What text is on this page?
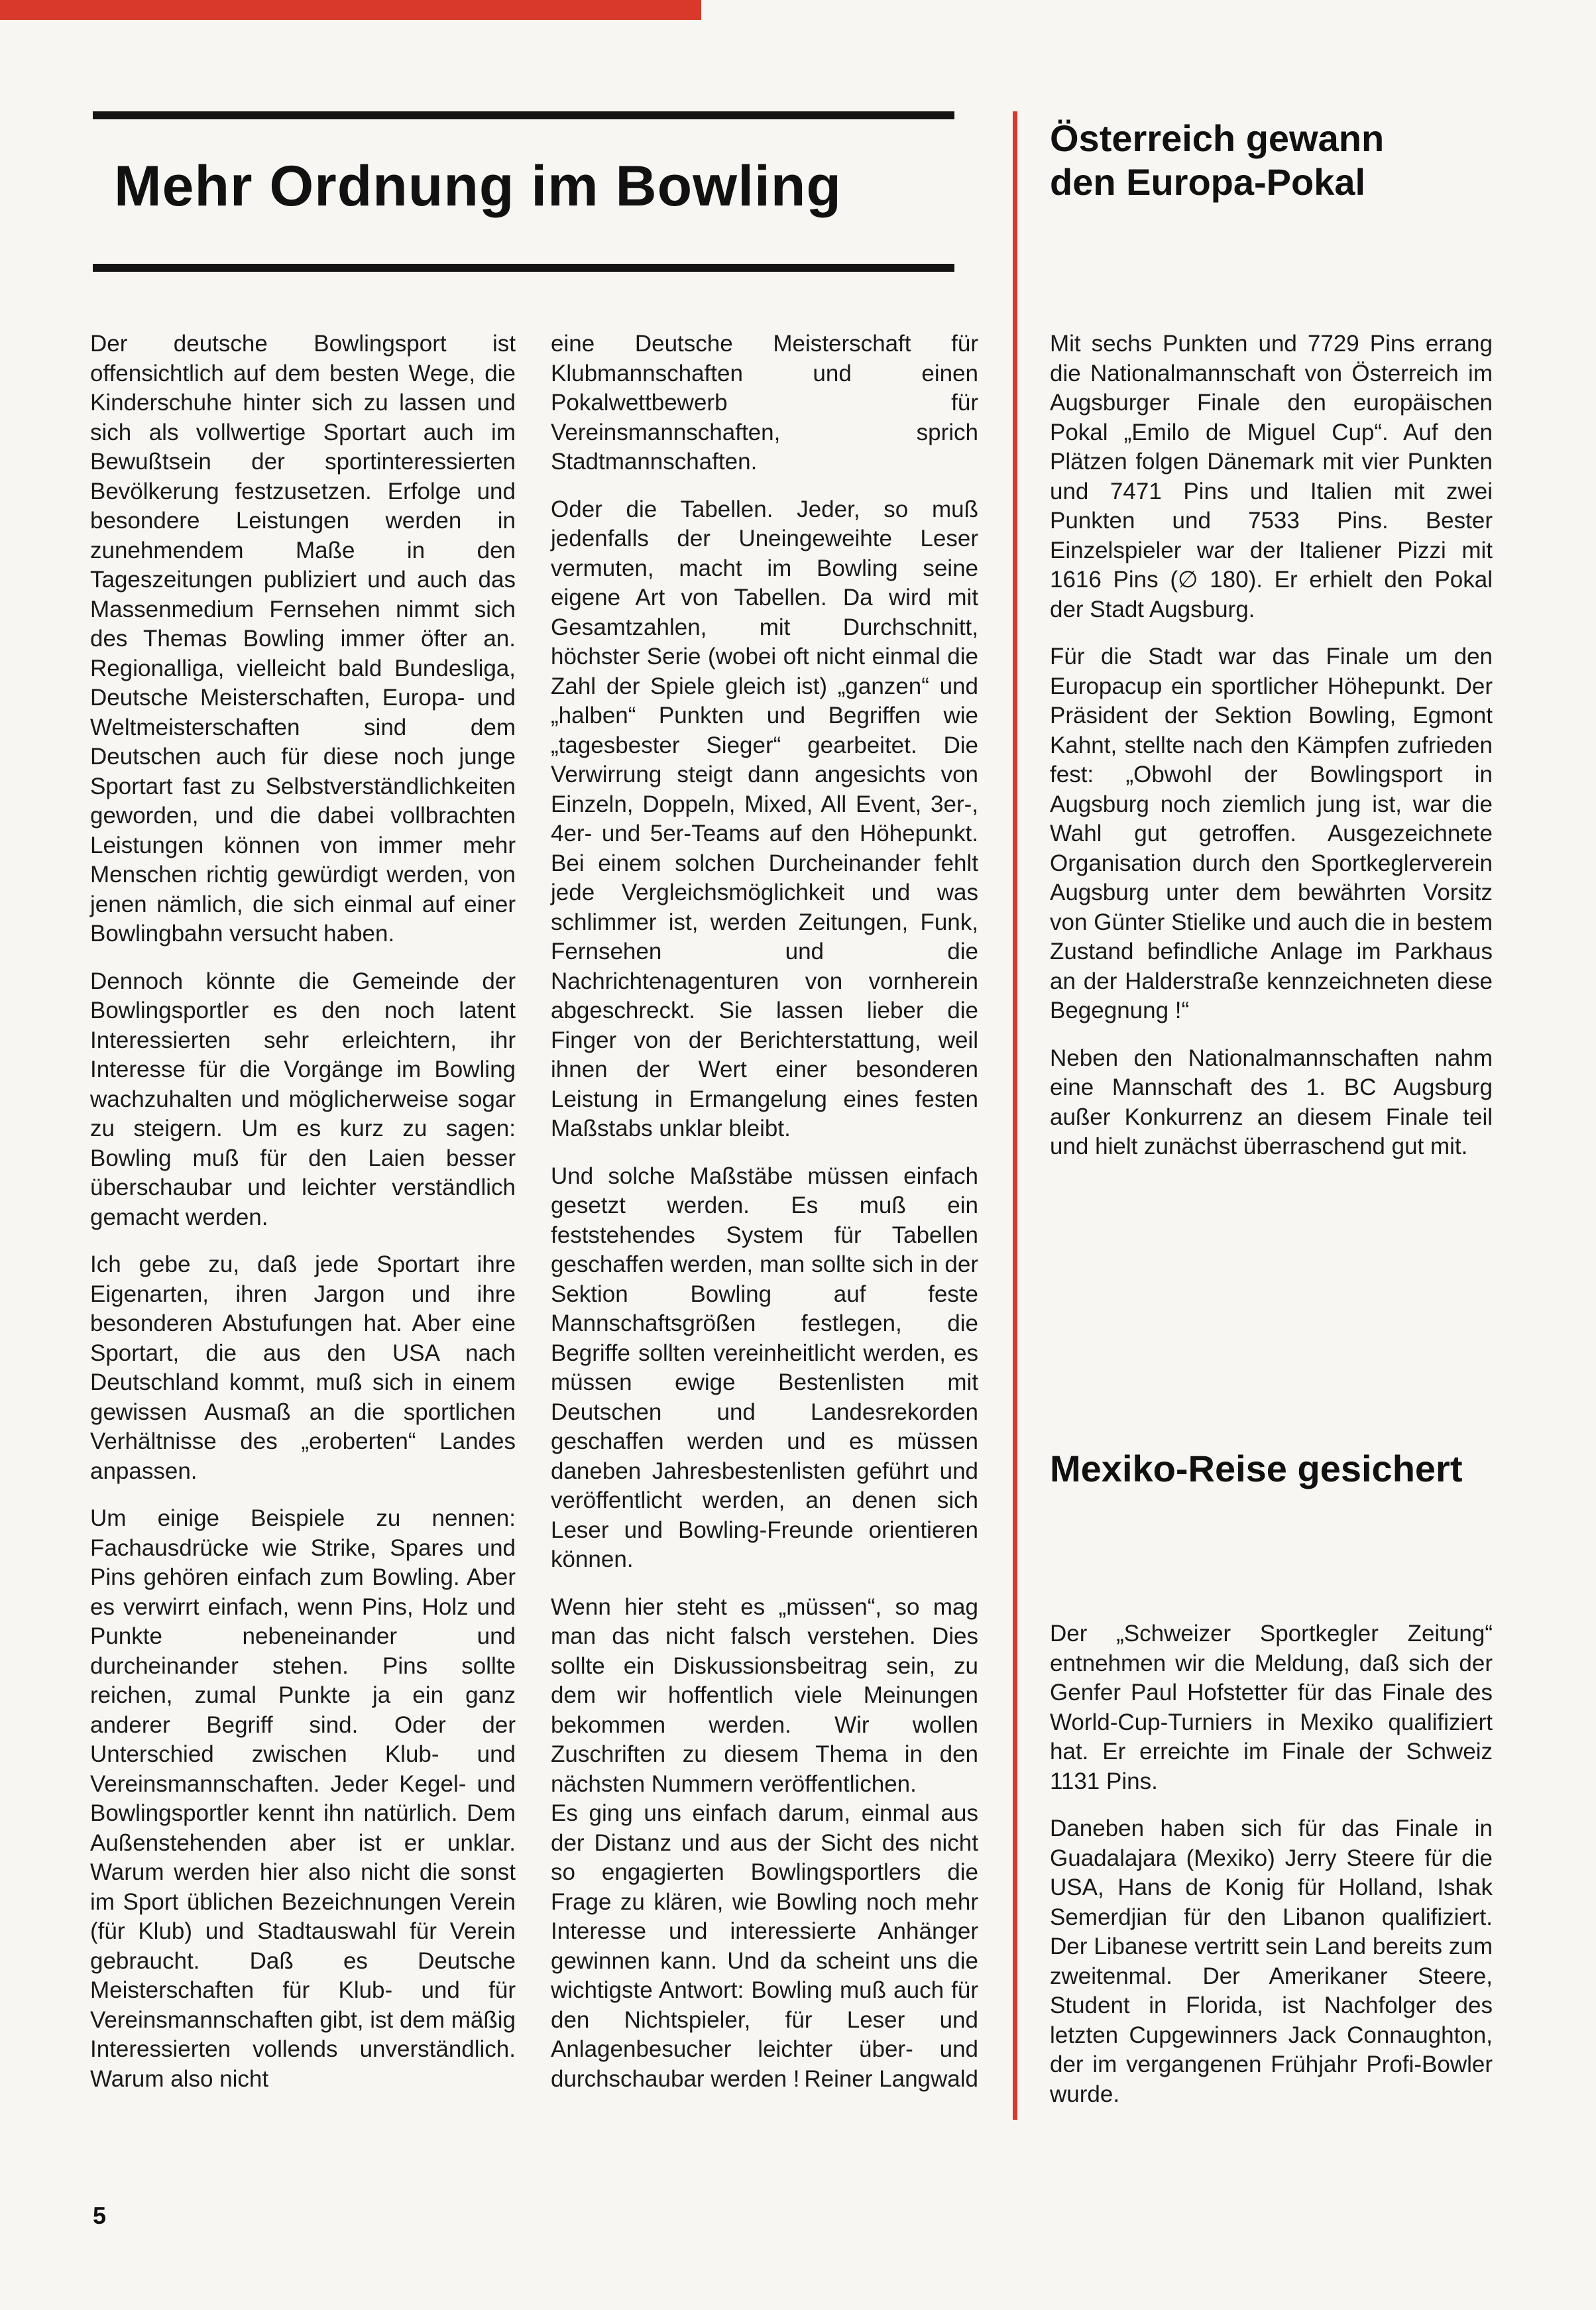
Mehr Ordnung im Bowling
Österreich gewann
den Europa-Pokal

Der deutsche Bowlingsport ist offensichtlich auf dem besten Wege, die Kinderschuhe hinter sich zu lassen und sich als vollwertige Sportart auch im Bewußtsein der sportinteressierten Bevölkerung festzusetzen. Erfolge und besondere Leistungen werden in zunehmendem Maße in den Tageszeitungen publiziert und auch das Massenmedium Fernsehen nimmt sich des Themas Bowling immer öfter an. Regionalliga, vielleicht bald Bundesliga, Deutsche Meisterschaften, Europa- und Weltmeisterschaften sind dem Deutschen auch für diese noch junge Sportart fast zu Selbstverständlichkeiten geworden, und die dabei vollbrachten Leistungen können von immer mehr Menschen richtig gewürdigt werden, von jenen nämlich, die sich einmal auf einer Bowlingbahn versucht haben.

Dennoch könnte die Gemeinde der Bowlingsportler es den noch latent Interessierten sehr erleichtern, ihr Interesse für die Vorgänge im Bowling wachzuhalten und möglicherweise sogar zu steigern. Um es kurz zu sagen: Bowling muß für den Laien besser überschaubar und leichter verständlich gemacht werden.

Ich gebe zu, daß jede Sportart ihre Eigenarten, ihren Jargon und ihre besonderen Abstufungen hat. Aber eine Sportart, die aus den USA nach Deutschland kommt, muß sich in einem gewissen Ausmaß an die sportlichen Verhältnisse des „eroberten“ Landes anpassen.

Um einige Beispiele zu nennen: Fachausdrücke wie Strike, Spares und Pins gehören einfach zum Bowling. Aber es verwirrt einfach, wenn Pins, Holz und Punkte nebeneinander und durcheinander stehen. Pins sollte reichen, zumal Punkte ja ein ganz anderer Begriff sind. Oder der Unterschied zwischen Klub- und Vereinsmannschaften. Jeder Kegel- und Bowlingsportler kennt ihn natürlich. Dem Außenstehenden aber ist er unklar. Warum werden hier also nicht die sonst im Sport üblichen Bezeichnungen Verein (für Klub) und Stadtauswahl für Verein gebraucht. Daß es Deutsche Meisterschaften für Klub- und für Vereinsmannschaften gibt, ist dem mäßig Interessierten vollends unverständlich. Warum also nicht

eine Deutsche Meisterschaft für Klubmannschaften und einen Pokalwettbewerb für Vereinsmannschaften, sprich Stadtmannschaften.

Oder die Tabellen. Jeder, so muß jedenfalls der Uneingeweihte Leser vermuten, macht im Bowling seine eigene Art von Tabellen. Da wird mit Gesamtzahlen, mit Durchschnitt, höchster Serie (wobei oft nicht einmal die Zahl der Spiele gleich ist) „ganzen“ und „halben“ Punkten und Begriffen wie „tagesbester Sieger“ gearbeitet. Die Verwirrung steigt dann angesichts von Einzeln, Doppeln, Mixed, All Event, 3er-, 4er- und 5er-Teams auf den Höhepunkt. Bei einem solchen Durcheinander fehlt jede Vergleichsmöglichkeit und was schlimmer ist, werden Zeitungen, Funk, Fernsehen und die Nachrichtenagenturen von vornherein abgeschreckt. Sie lassen lieber die Finger von der Berichterstattung, weil ihnen der Wert einer besonderen Leistung in Ermangelung eines festen Maßstabs unklar bleibt.

Und solche Maßstäbe müssen einfach gesetzt werden. Es muß ein feststehendes System für Tabellen geschaffen werden, man sollte sich in der Sektion Bowling auf feste Mannschaftsgrößen festlegen, die Begriffe sollten vereinheitlicht werden, es müssen ewige Bestenlisten mit Deutschen und Landesrekorden geschaffen werden und es müssen daneben Jahresbestenlisten geführt und veröffentlicht werden, an denen sich Leser und Bowling-Freunde orientieren können.

Wenn hier steht es „müssen“, so mag man das nicht falsch verstehen. Dies sollte ein Diskussionsbeitrag sein, zu dem wir hoffentlich viele Meinungen bekommen werden. Wir wollen Zuschriften zu diesem Thema in den nächsten Nummern veröffentlichen.

Es ging uns einfach darum, einmal aus der Distanz und aus der Sicht des nicht so engagierten Bowlingsportlers die Frage zu klären, wie Bowling noch mehr Interesse und interessierte Anhänger gewinnen kann. Und da scheint uns die wichtigste Antwort: Bowling muß auch für den Nichtspieler, für Leser und Anlagenbesucher leichter über- und durchschaubar werden ! Reiner Langwald

Mit sechs Punkten und 7729 Pins errang die Nationalmannschaft von Österreich im Augsburger Finale den europäischen Pokal „Emilo de Miguel Cup“. Auf den Plätzen folgen Dänemark mit vier Punkten und 7471 Pins und Italien mit zwei Punkten und 7533 Pins. Bester Einzelspieler war der Italiener Pizzi mit 1616 Pins (∅ 180). Er erhielt den Pokal der Stadt Augsburg.

Für die Stadt war das Finale um den Europacup ein sportlicher Höhepunkt. Der Präsident der Sektion Bowling, Egmont Kahnt, stellte nach den Kämpfen zufrieden fest: „Obwohl der Bowlingsport in Augsburg noch ziemlich jung ist, war die Wahl gut getroffen. Ausgezeichnete Organisation durch den Sportkeglerverein Augsburg unter dem bewährten Vorsitz von Günter Stielike und auch die in bestem Zustand befindliche Anlage im Parkhaus an der Halderstraße kennzeichneten diese Begegnung !“

Neben den Nationalmannschaften nahm eine Mannschaft des 1. BC Augsburg außer Konkurrenz an diesem Finale teil und hielt zunächst überraschend gut mit.

Mexiko-Reise gesichert

Der „Schweizer Sportkegler Zeitung“ entnehmen wir die Meldung, daß sich der Genfer Paul Hofstetter für das Finale des World-Cup-Turniers in Mexiko qualifiziert hat. Er erreichte im Finale der Schweiz 1131 Pins.

Daneben haben sich für das Finale in Guadalajara (Mexiko) Jerry Steere für die USA, Hans de Konig für Holland, Ishak Semerdjian für den Libanon qualifiziert. Der Libanese vertritt sein Land bereits zum zweitenmal. Der Amerikaner Steere, Student in Florida, ist Nachfolger des letzten Cupgewinners Jack Connaughton, der im vergangenen Frühjahr Profi-Bowler wurde.

5
